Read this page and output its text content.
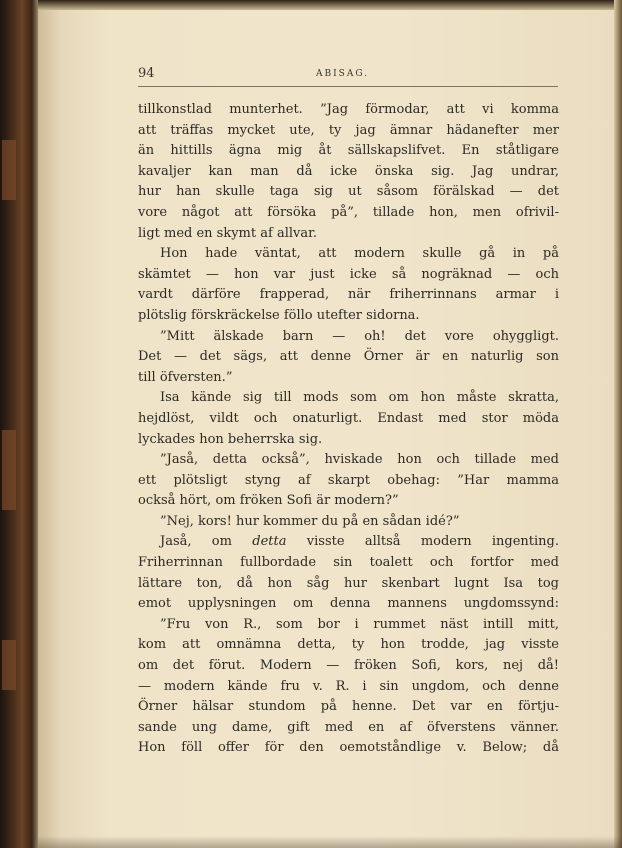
94	ABISAG.
tillkonstlad munterhet. ”Jag förmodar, att vi komma
att träffas mycket ute, ty jag ämnar hädanefter mer
än hittills ägna mig åt sällskapslifvet. En ståtligare
kavaljer kan man då icke önska sig. Jag undrar,
hur han skulle taga sig ut såsom förälskad — det
vore något att försöka på”, tillade hon, men ofrivil-
ligt med en skymt af allvar.
Hon hade väntat, att modern skulle gå in på
skämtet — hon var just icke så nogräknad — och
vardt därföre frapperad, när friherrinnans armar i
plötslig förskräckelse föllo utefter sidorna.
”Mitt älskade barn — oh! det vore ohyggligt.
Det — det sägs, att denne Örner är en naturlig son
till öfversten.”
Isa kände sig till mods som om hon måste skratta,
hejdlöst, vildt och onaturligt. Endast med stor möda
lyckades hon beherrska sig.
”Jaså, detta också”, hviskade hon och tillade med
ett plötsligt styng af skarpt obehag: ”Har mamma
också hört, om fröken Sofi är modern?”
”Nej, kors! hur kommer du på en sådan idé?”
Jaså, om detta visste alltså modern ingenting.
Friherrinnan fullbordade sin toalett och fortfor med
lättare ton, då hon såg hur skenbart lugnt Isa tog
emot upplysningen om denna mannens ungdomssynd:
”Fru von R., som bor i rummet näst intill mitt,
kom att omnämna detta, ty hon trodde, jag visste
om det förut. Modern — fröken Sofi, kors, nej då!
— modern kände fru v. R. i sin ungdom, och denne
Örner hälsar stundom på henne. Det var en förtju-
sande ung dame, gift med en af öfverstens vänner.
Hon föll offer för den oemotståndlige v. Below; då
